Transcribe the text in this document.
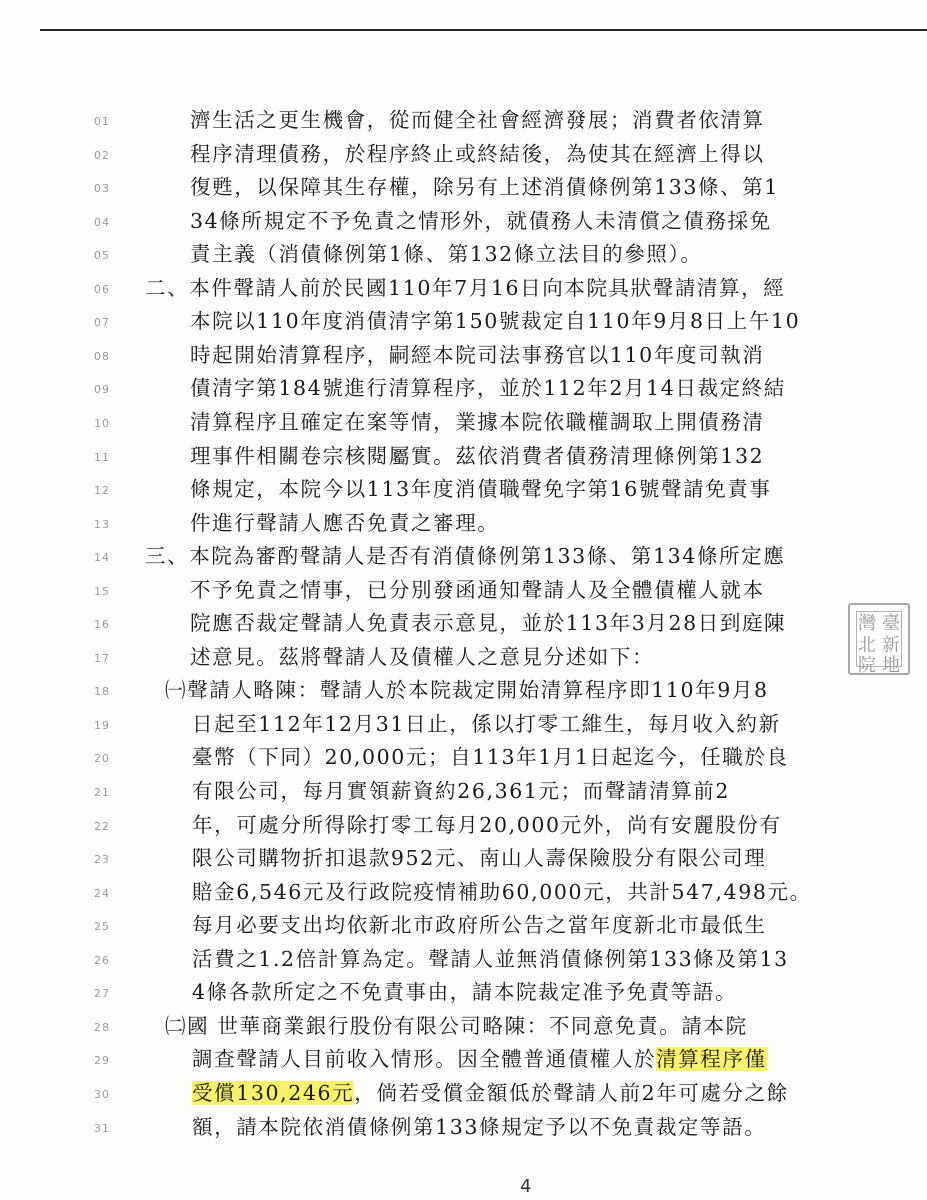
01
02
03
04
05
06
07
08
09
10
11
12
13
14
15
16
17
18
19
20
21
22
23
24
25
26
27
28
29
30
31
濟生活之更生機會，從而健全社會經濟發展；消費者依清算
程序清理債務，於程序終止或終結後，為使其在經濟上得以
復甦，以保障其生存權，除另有上述消債條例第133條、第1
34條所規定不予免責之情形外，就債務人未清償之債務採免
責主義（消債條例第1條、第132條立法目的參照）。
二、本件聲請人前於民國110年7月16日向本院具狀聲請清算，經
本院以110年度消債清字第150號裁定自110年9月8日上午10
時起開始清算程序，嗣經本院司法事務官以110年度司執消
債清字第184號進行清算程序，並於112年2月14日裁定終結
清算程序且確定在案等情，業據本院依職權調取上開債務清
理事件相關卷宗核閱屬實。茲依消費者債務清理條例第132
條規定，本院今以113年度消債職聲免字第16號聲請免責事
件進行聲請人應否免責之審理。
三、本院為審酌聲請人是否有消債條例第133條、第134條所定應
不予免責之情事，已分別發函通知聲請人及全體債權人就本
院應否裁定聲請人免責表示意見，並於113年3月28日到庭陳
述意見。茲將聲請人及債權人之意見分述如下：
㈠聲請人略陳：聲請人於本院裁定開始清算程序即110年9月8
日起至112年12月31日止，係以打零工維生，每月收入約新
臺幣（下同）20,000元；自113年1月1日起迄今，任職於良
有限公司，每月實領薪資約26,361元；而聲請清算前2
年，可處分所得除打零工每月20,000元外，尚有安麗股份有
限公司購物折扣退款952元、南山人壽保險股分有限公司理
賠金6,546元及行政院疫情補助60,000元，共計547,498元。
每月必要支出均依新北市政府所公告之當年度新北市最低生
活費之1.2倍計算為定。聲請人並無消債條例第133條及第13
4條各款所定之不免責事由，請本院裁定准予免責等語。
㈡國 世華商業銀行股份有限公司略陳：不同意免責。請本院
調查聲請人目前收入情形。因全體普通債權人於清算程序僅
受償130,246元，倘若受償金額低於聲請人前2年可處分之餘
額，請本院依消債條例第133條規定予以不免責裁定等語。
臺
灣
新
北
地
院
4
